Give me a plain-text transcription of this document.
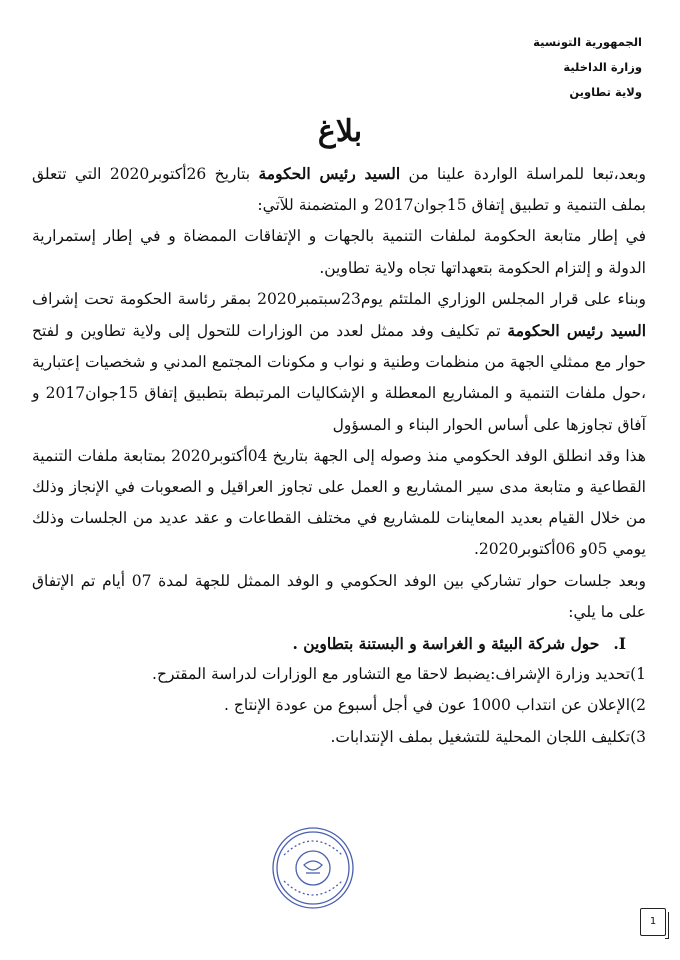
الجمهورية التونسية
وزارة الداخلية
ولاية تطاوين
بلاغ

وبعد،تبعا للمراسلة الواردة علينا من السيد رئيس الحكومة بتاريخ 26أكتوبر2020 التي تتعلق بملف التنمية و تطبيق إتفاق 15جوان2017 و المتضمنة للآتي:

في إطار متابعة الحكومة لملفات التنمية بالجهات و الإتفاقات الممضاة و في إطار إستمرارية الدولة و إلتزام الحكومة بتعهداتها تجاه ولاية تطاوين.

وبناء على قرار المجلس الوزاري الملتئم يوم23سبتمبر2020 بمقر رئاسة الحكومة تحت إشراف السيد رئيس الحكومة تم تكليف وفد ممثل لعدد من الوزارات للتحول إلى ولاية تطاوين و لفتح حوار مع ممثلي الجهة من منظمات وطنية و نواب و مكونات المجتمع المدني و شخصيات إعتبارية ،حول ملفات التنمية و المشاريع المعطلة و الإشكاليات المرتبطة بتطبيق إتفاق 15جوان2017 و آفاق تجاوزها على أساس الحوار البناء و المسؤول

هذا وقد انطلق الوفد الحكومي منذ وصوله إلى الجهة بتاريخ 04أكتوبر2020 بمتابعة ملفات التنمية القطاعية و متابعة مدى سير المشاريع و العمل على تجاوز العراقيل و الصعوبات في الإنجاز وذلك من خلال القيام بعديد المعاينات للمشاريع في مختلف القطاعات و عقد عديد من الجلسات وذلك يومي 05و 06أكتوبر2020.

وبعد جلسات حوار تشاركي بين الوفد الحكومي و الوفد الممثل للجهة لمدة 07 أيام تم الإتفاق على ما يلي:

I.حول شركة البيئة و الغراسة و البستنة بتطاوين .

1)تحديد وزارة الإشراف:يضبط لاحقا مع التشاور مع الوزارات لدراسة المقترح.

2)الإعلان عن انتداب 1000 عون في أجل أسبوع من عودة الإنتاج .

3)تكليف اللجان المحلية للتشغيل بملف الإنتدابات.

1
